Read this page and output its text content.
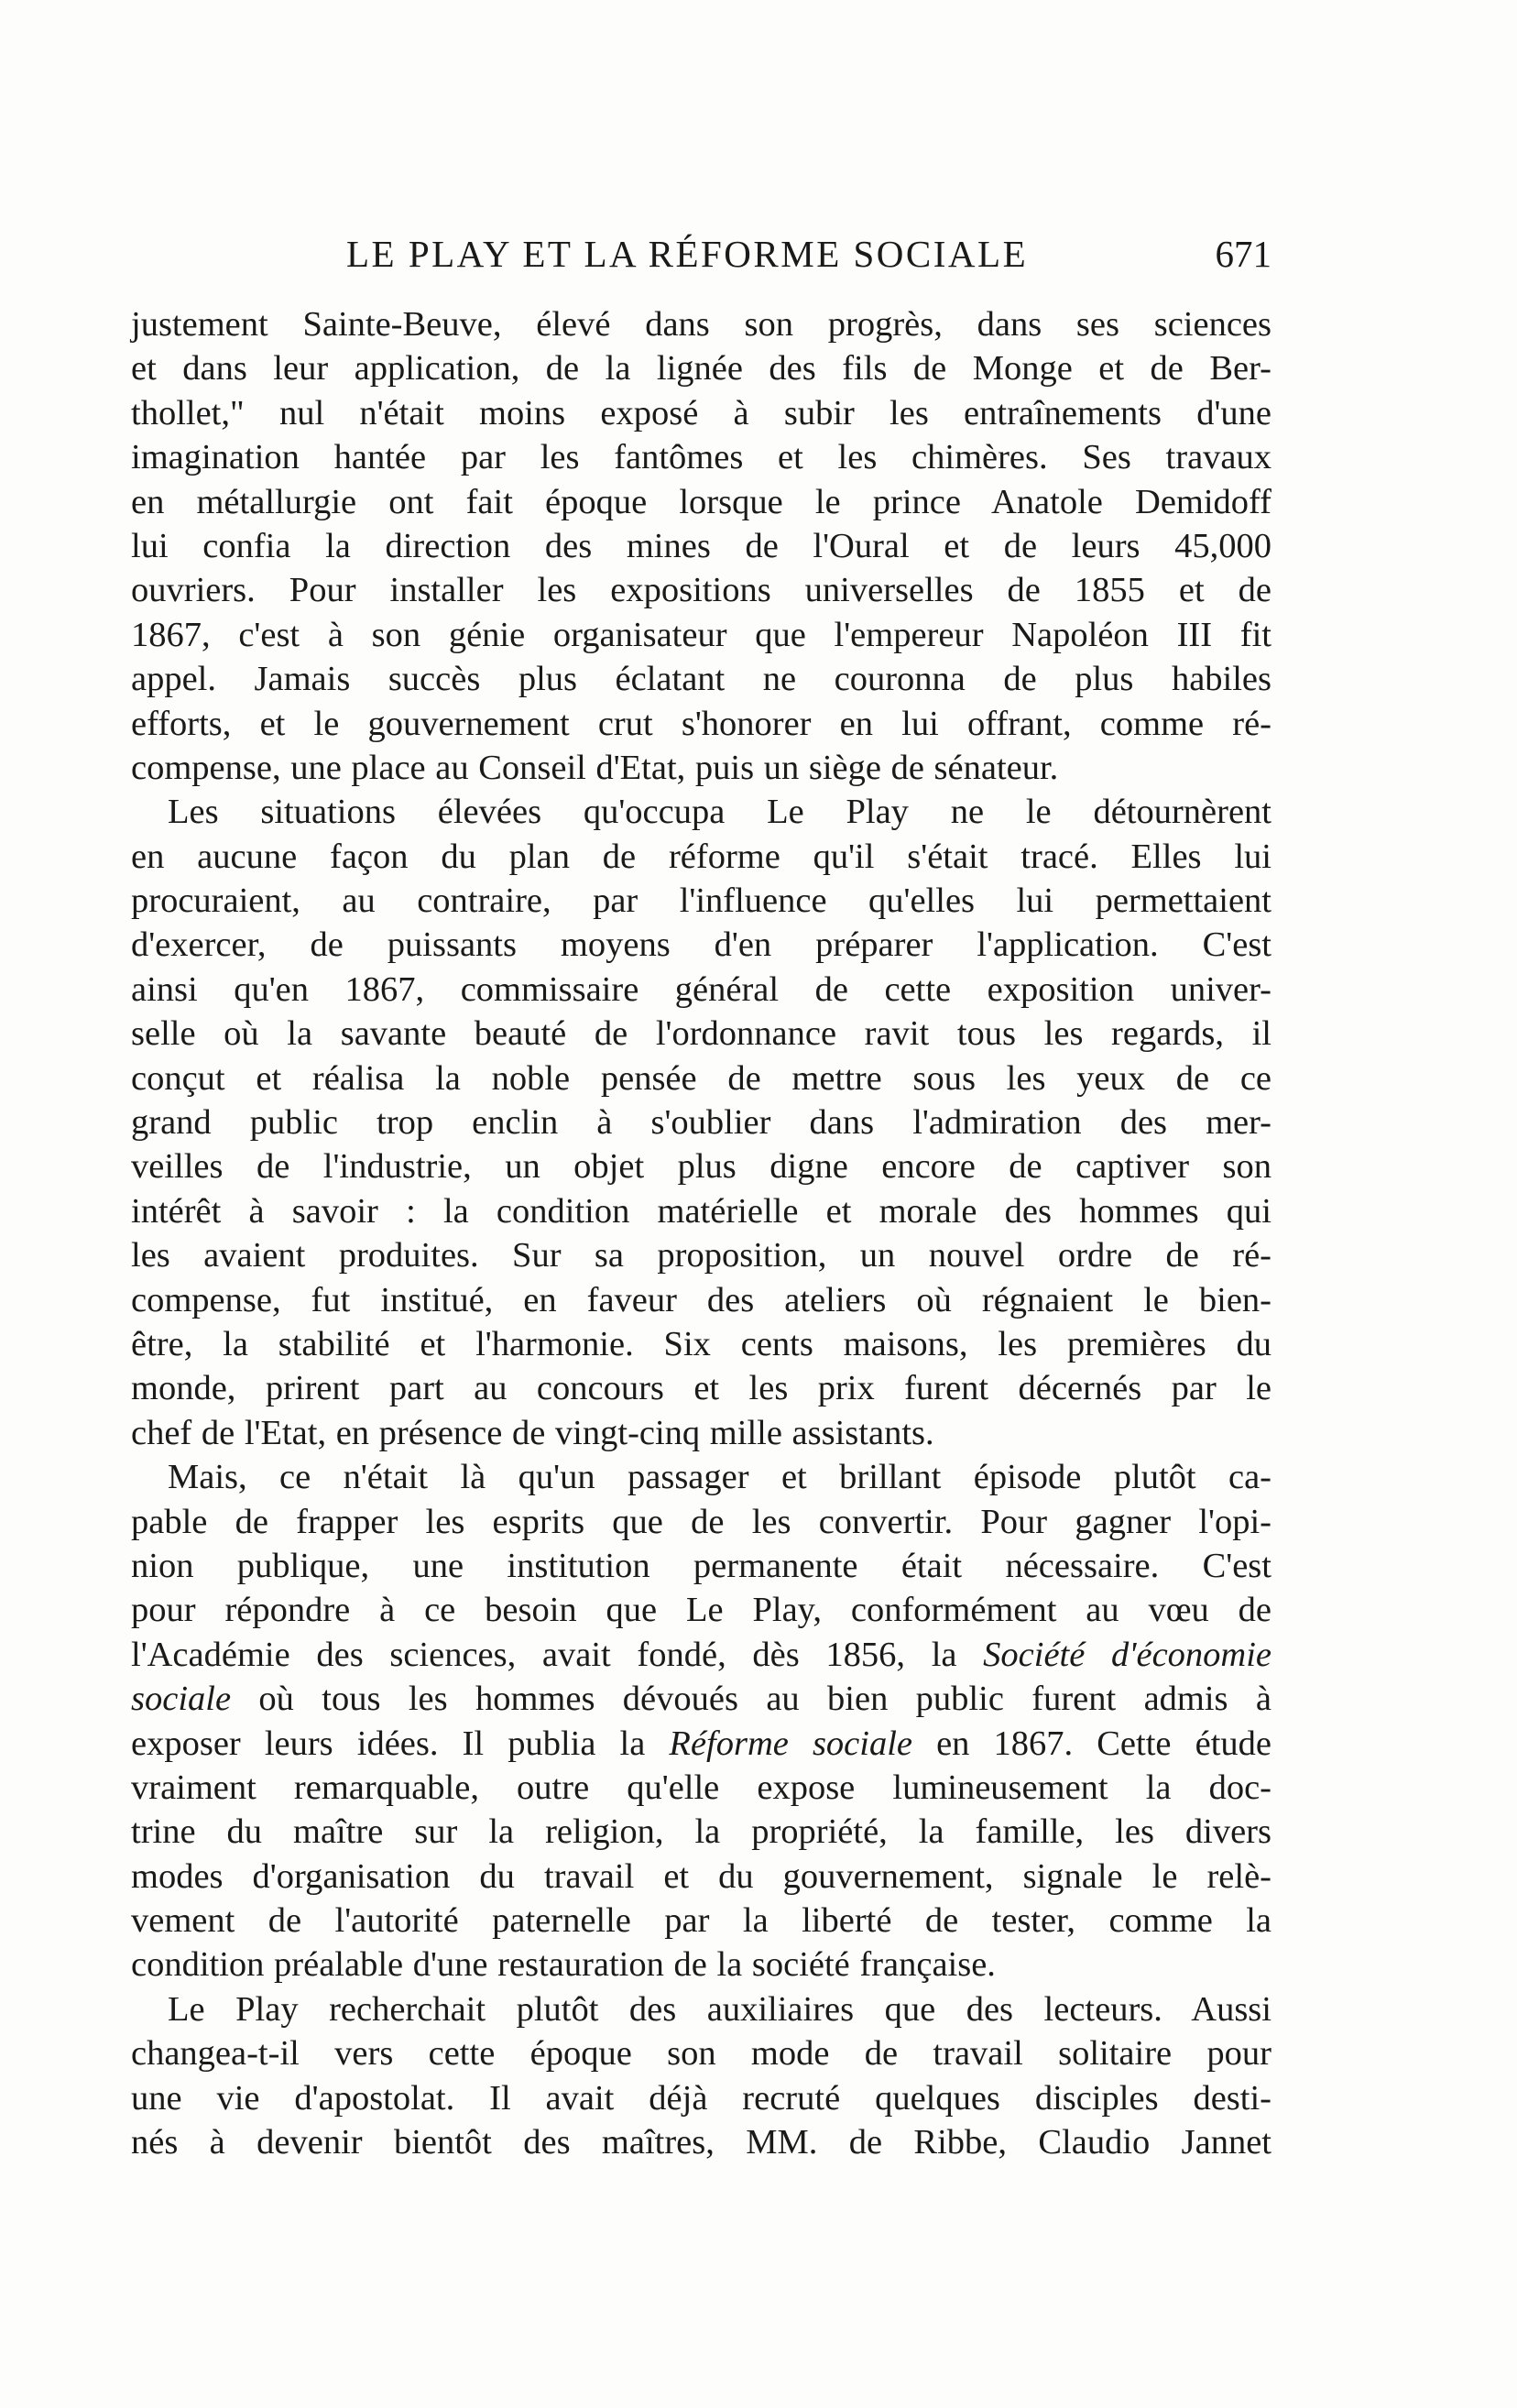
LE PLAY ET LA RÉFORME SOCIALE	671
justement Sainte-Beuve, élevé dans son progrès, dans ses sciences
et dans leur application, de la lignée des fils de Monge et de Ber-
thollet," nul n'était moins exposé à subir les entraînements d'une
imagination hantée par les fantômes et les chimères. Ses travaux
en métallurgie ont fait époque lorsque le prince Anatole Demidoff
lui confia la direction des mines de l'Oural et de leurs 45,000
ouvriers. Pour installer les expositions universelles de 1855 et de
1867, c'est à son génie organisateur que l'empereur Napoléon III fit
appel. Jamais succès plus éclatant ne couronna de plus habiles
efforts, et le gouvernement crut s'honorer en lui offrant, comme ré-
compense, une place au Conseil d'Etat, puis un siège de sénateur.
Les situations élevées qu'occupa Le Play ne le détournèrent
en aucune façon du plan de réforme qu'il s'était tracé. Elles lui
procuraient, au contraire, par l'influence qu'elles lui permettaient
d'exercer, de puissants moyens d'en préparer l'application. C'est
ainsi qu'en 1867, commissaire général de cette exposition univer-
selle où la savante beauté de l'ordonnance ravit tous les regards, il
conçut et réalisa la noble pensée de mettre sous les yeux de ce
grand public trop enclin à s'oublier dans l'admiration des mer-
veilles de l'industrie, un objet plus digne encore de captiver son
intérêt à savoir : la condition matérielle et morale des hommes qui
les avaient produites. Sur sa proposition, un nouvel ordre de ré-
compense, fut institué, en faveur des ateliers où régnaient le bien-
être, la stabilité et l'harmonie. Six cents maisons, les premières du
monde, prirent part au concours et les prix furent décernés par le
chef de l'Etat, en présence de vingt-cinq mille assistants.
Mais, ce n'était là qu'un passager et brillant épisode plutôt ca-
pable de frapper les esprits que de les convertir. Pour gagner l'opi-
nion publique, une institution permanente était nécessaire. C'est
pour répondre à ce besoin que Le Play, conformément au vœu de
l'Académie des sciences, avait fondé, dès 1856, la Société d'économie
sociale où tous les hommes dévoués au bien public furent admis à
exposer leurs idées. Il publia la Réforme sociale en 1867. Cette étude
vraiment remarquable, outre qu'elle expose lumineusement la doc-
trine du maître sur la religion, la propriété, la famille, les divers
modes d'organisation du travail et du gouvernement, signale le relè-
vement de l'autorité paternelle par la liberté de tester, comme la
condition préalable d'une restauration de la société française.
Le Play recherchait plutôt des auxiliaires que des lecteurs. Aussi
changea-t-il vers cette époque son mode de travail solitaire pour
une vie d'apostolat. Il avait déjà recruté quelques disciples desti-
nés à devenir bientôt des maîtres, MM. de Ribbe, Claudio Jannet
